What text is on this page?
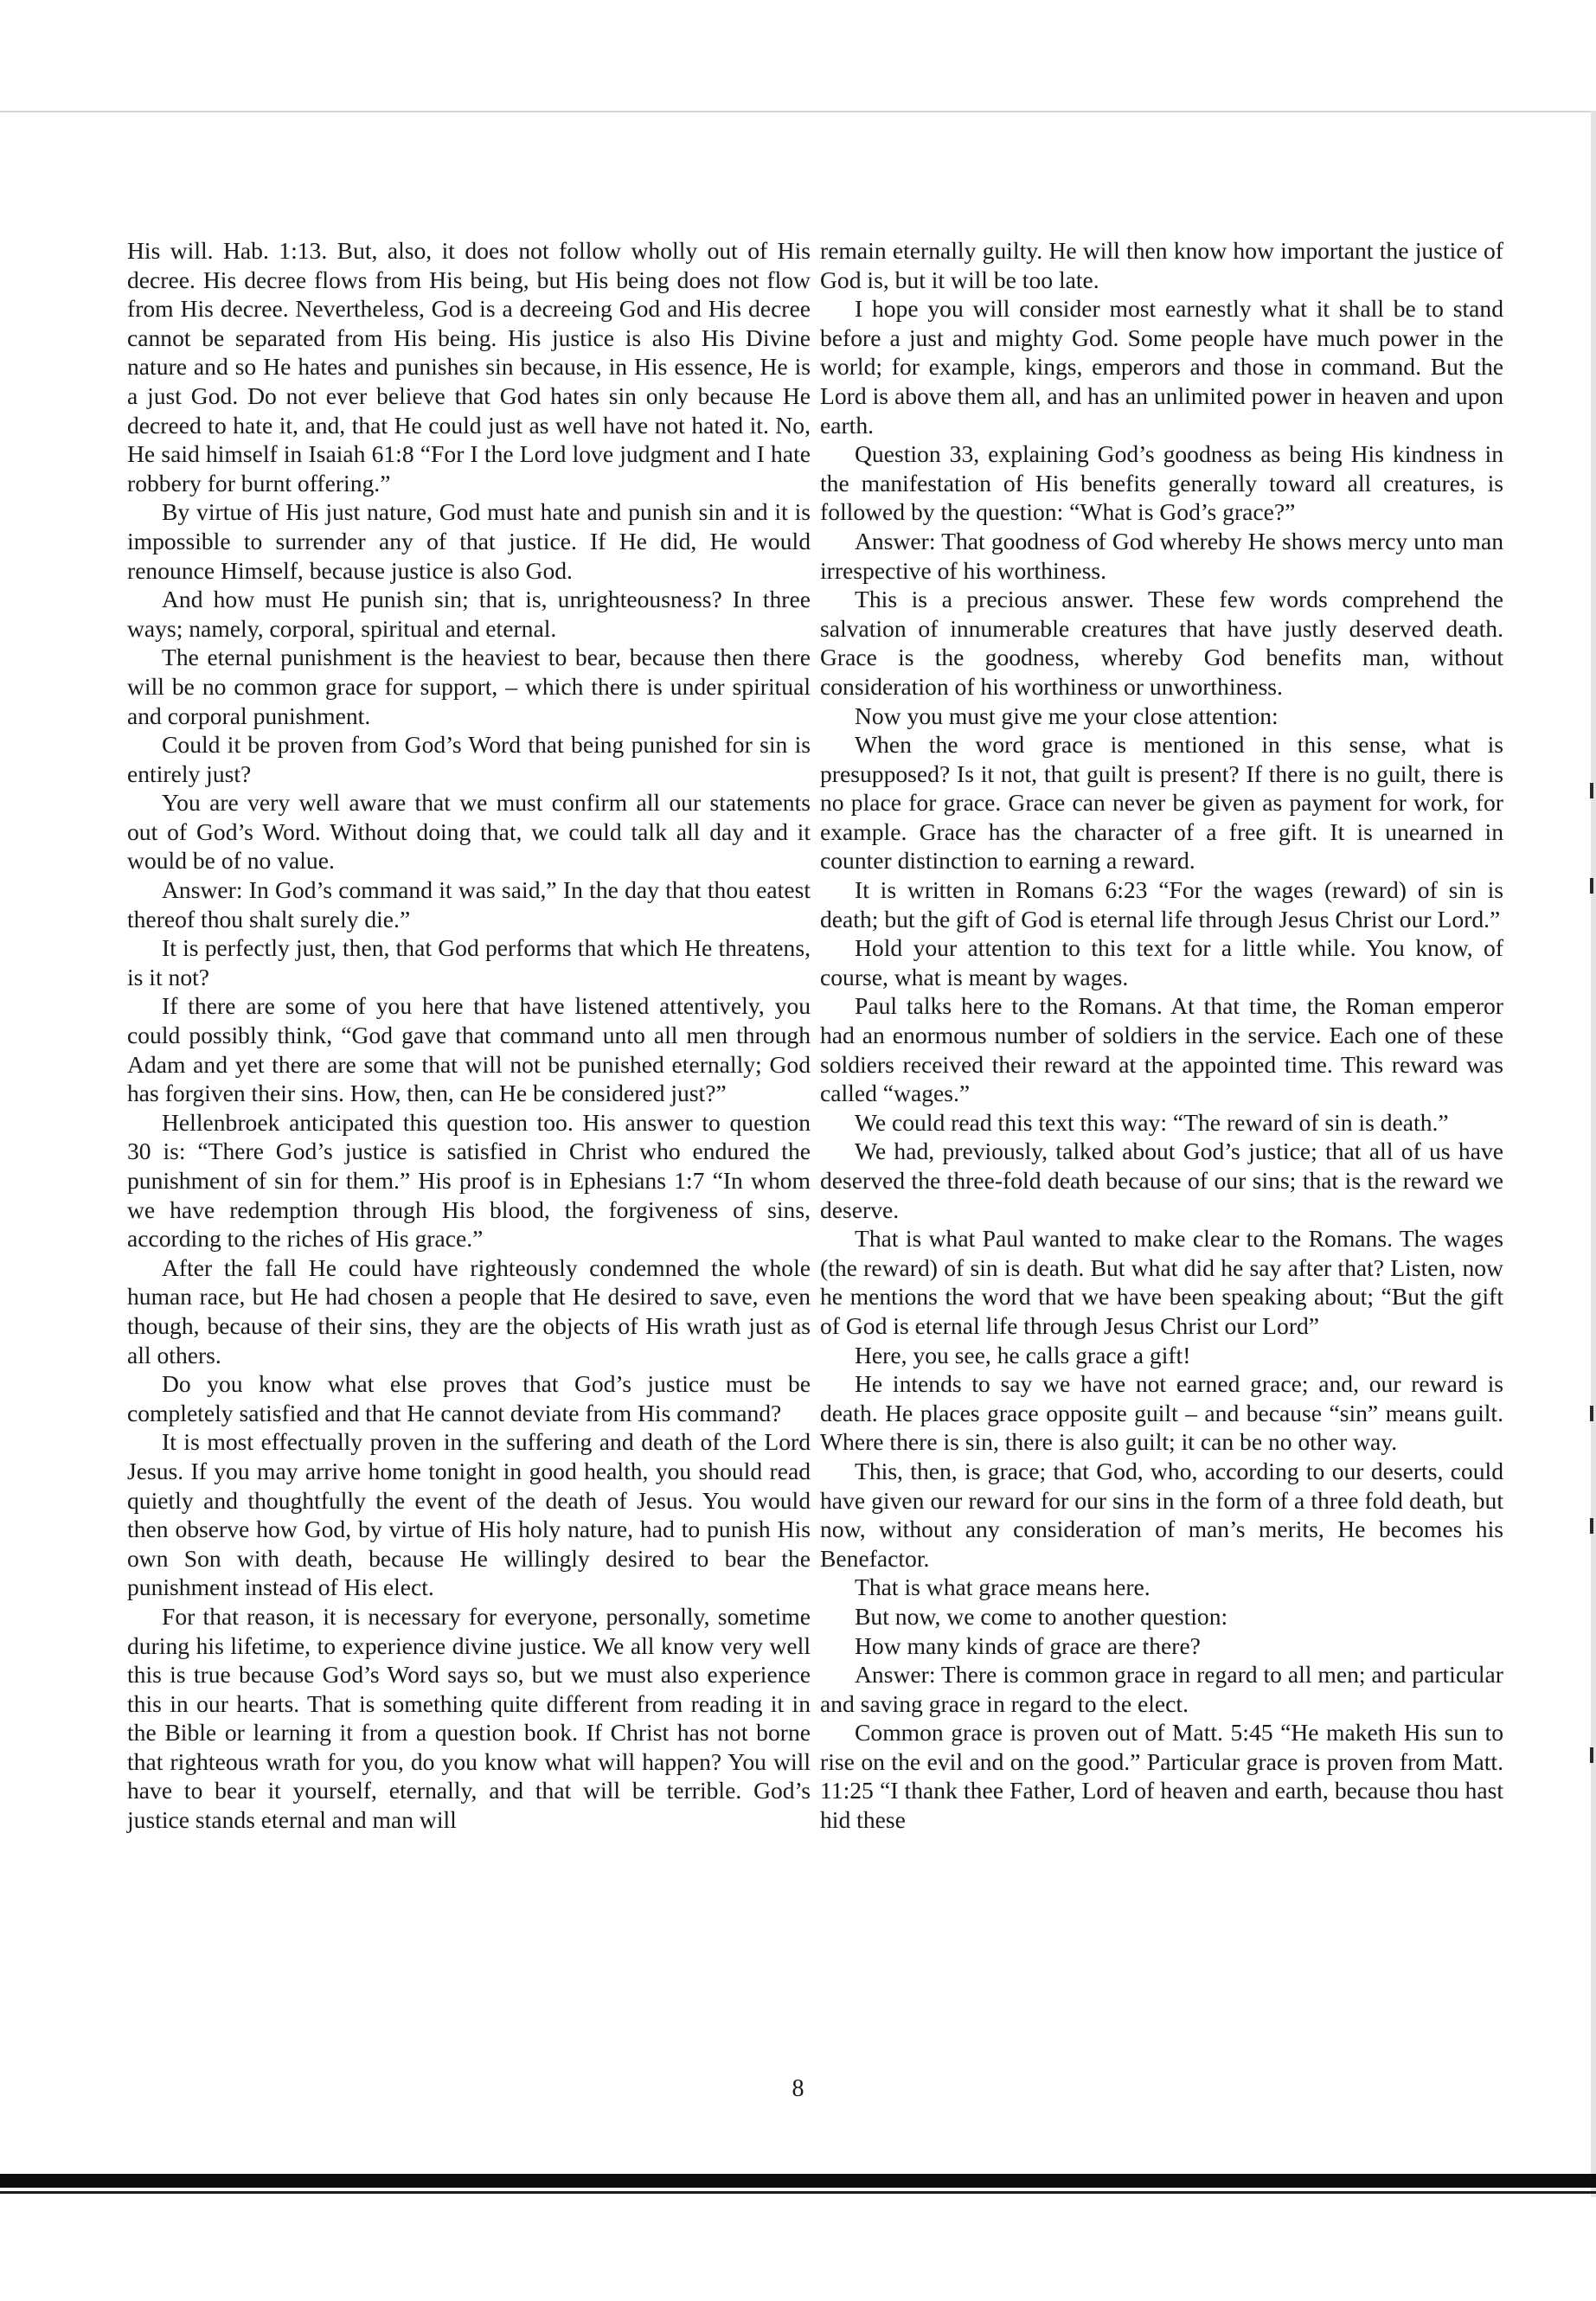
His will. Hab. 1:13. But, also, it does not follow wholly out of His decree. His decree flows from His being, but His being does not flow from His decree. Nevertheless, God is a decreeing God and His decree cannot be separated from His being. His justice is also His Divine nature and so He hates and punishes sin because, in His essence, He is a just God. Do not ever believe that God hates sin only because He decreed to hate it, and, that He could just as well have not hated it. No, He said himself in Isaiah 61:8 “For I the Lord love judgment and I hate robbery for burnt offering.”

By virtue of His just nature, God must hate and punish sin and it is impossible to surrender any of that justice. If He did, He would renounce Himself, because justice is also God.

And how must He punish sin; that is, unrighteousness? In three ways; namely, corporal, spiritual and eternal.

The eternal punishment is the heaviest to bear, because then there will be no common grace for support, – which there is under spiritual and corporal punishment.

Could it be proven from God’s Word that being punished for sin is entirely just?

You are very well aware that we must confirm all our statements out of God’s Word. Without doing that, we could talk all day and it would be of no value.

Answer: In God’s command it was said,” In the day that thou eatest thereof thou shalt surely die.”

It is perfectly just, then, that God performs that which He threatens, is it not?

If there are some of you here that have listened attentively, you could possibly think, “God gave that command unto all men through Adam and yet there are some that will not be punished eternally; God has forgiven their sins. How, then, can He be considered just?”

Hellenbroek anticipated this question too. His answer to question 30 is: “There God’s justice is satisfied in Christ who endured the punishment of sin for them.” His proof is in Ephesians 1:7 “In whom we have redemption through His blood, the forgiveness of sins, according to the riches of His grace.”

After the fall He could have righteously condemned the whole human race, but He had chosen a people that He desired to save, even though, because of their sins, they are the objects of His wrath just as all others.

Do you know what else proves that God’s justice must be completely satisfied and that He cannot deviate from His command?

It is most effectually proven in the suffering and death of the Lord Jesus. If you may arrive home tonight in good health, you should read quietly and thoughtfully the event of the death of Jesus. You would then observe how God, by virtue of His holy nature, had to punish His own Son with death, because He willingly desired to bear the punishment instead of His elect.

For that reason, it is necessary for everyone, personally, sometime during his lifetime, to experience divine justice. We all know very well this is true because God’s Word says so, but we must also experience this in our hearts. That is something quite different from reading it in the Bible or learning it from a question book. If Christ has not borne that righteous wrath for you, do you know what will happen? You will have to bear it yourself, eternally, and that will be terrible. God’s justice stands eternal and man will

remain eternally guilty. He will then know how important the justice of God is, but it will be too late.

I hope you will consider most earnestly what it shall be to stand before a just and mighty God. Some people have much power in the world; for example, kings, emperors and those in command. But the Lord is above them all, and has an unlimited power in heaven and upon earth.

Question 33, explaining God’s goodness as being His kindness in the manifestation of His benefits generally toward all creatures, is followed by the question: “What is God’s grace?”

Answer: That goodness of God whereby He shows mercy unto man irrespective of his worthiness.

This is a precious answer. These few words comprehend the salvation of innumerable creatures that have justly deserved death. Grace is the goodness, whereby God benefits man, without consideration of his worthiness or unworthiness.

Now you must give me your close attention:

When the word grace is mentioned in this sense, what is presupposed? Is it not, that guilt is present? If there is no guilt, there is no place for grace. Grace can never be given as payment for work, for example. Grace has the character of a free gift. It is unearned in counter distinction to earning a reward.

It is written in Romans 6:23 “For the wages (reward) of sin is death; but the gift of God is eternal life through Jesus Christ our Lord.”

Hold your attention to this text for a little while. You know, of course, what is meant by wages.

Paul talks here to the Romans. At that time, the Roman emperor had an enormous number of soldiers in the service. Each one of these soldiers received their reward at the appointed time. This reward was called “wages.”

We could read this text this way: “The reward of sin is death.”

We had, previously, talked about God’s justice; that all of us have deserved the three-fold death because of our sins; that is the reward we deserve.

That is what Paul wanted to make clear to the Romans. The wages (the reward) of sin is death. But what did he say after that? Listen, now he mentions the word that we have been speaking about; “But the gift of God is eternal life through Jesus Christ our Lord”

Here, you see, he calls grace a gift!

He intends to say we have not earned grace; and, our reward is death. He places grace opposite guilt – and because “sin” means guilt. Where there is sin, there is also guilt; it can be no other way.

This, then, is grace; that God, who, according to our deserts, could have given our reward for our sins in the form of a three fold death, but now, without any consideration of man’s merits, He becomes his Benefactor.

That is what grace means here.

But now, we come to another question:

How many kinds of grace are there?

Answer: There is common grace in regard to all men; and particular and saving grace in regard to the elect.

Common grace is proven out of Matt. 5:45 “He maketh His sun to rise on the evil and on the good.” Particular grace is proven from Matt. 11:25 “I thank thee Father, Lord of heaven and earth, because thou hast hid these

8
